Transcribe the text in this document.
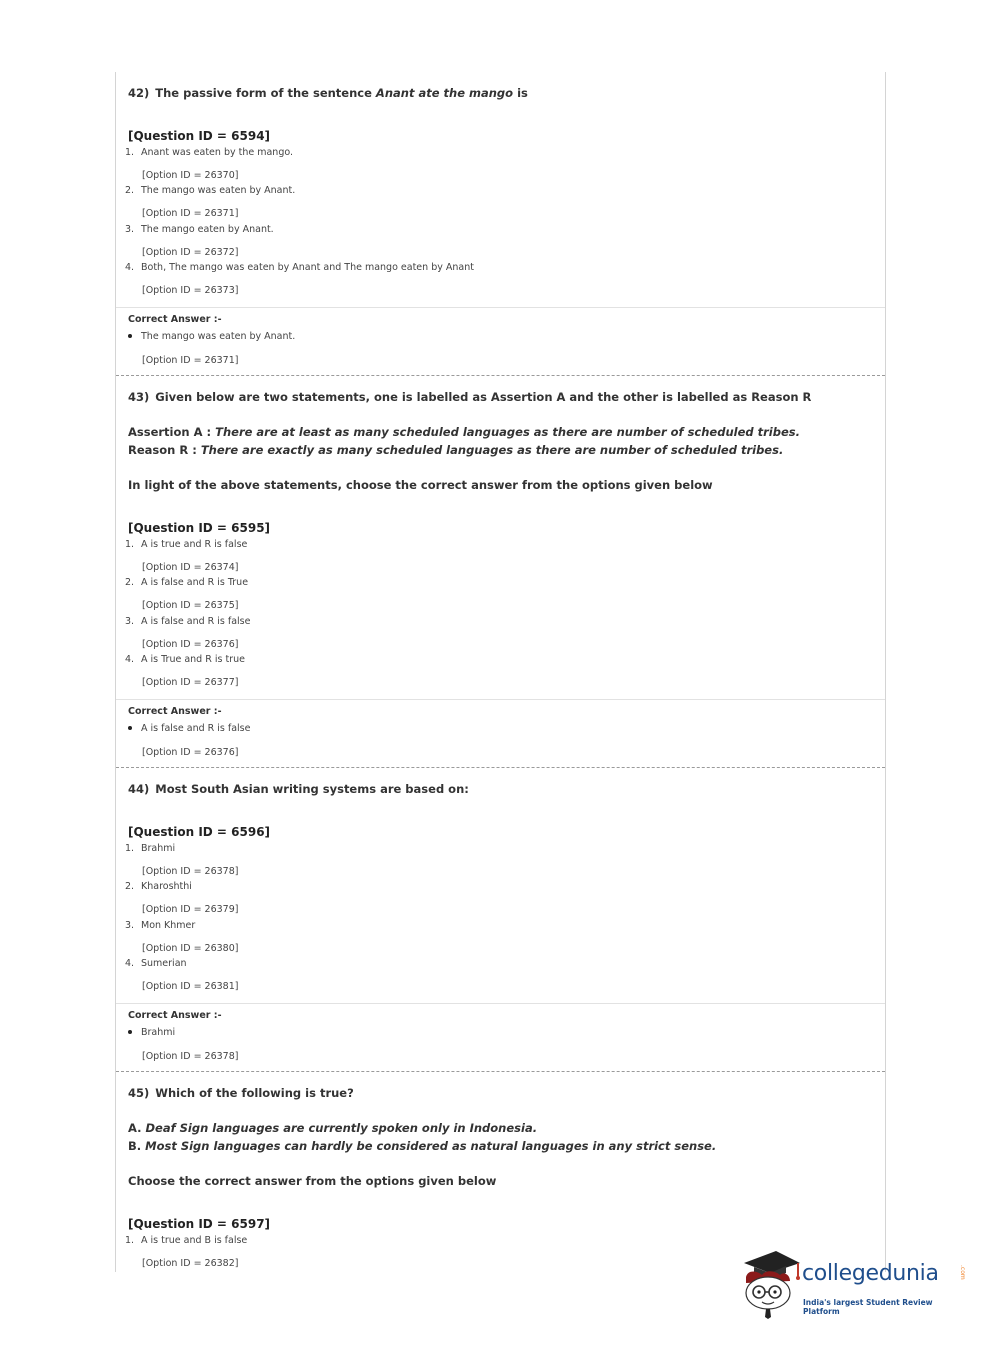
42) The passive form of the sentence Anant ate the mango is
[Question ID = 6594]
1. Anant was eaten by the mango.
[Option ID = 26370]
2. The mango was eaten by Anant.
[Option ID = 26371]
3. The mango eaten by Anant.
[Option ID = 26372]
4. Both, The mango was eaten by Anant and The mango eaten by Anant
[Option ID = 26373]
Correct Answer :-
The mango was eaten by Anant.
[Option ID = 26371]
43) Given below are two statements, one is labelled as Assertion A and the other is labelled as Reason R
Assertion A : There are at least as many scheduled languages as there are number of scheduled tribes.
Reason R : There are exactly as many scheduled languages as there are number of scheduled tribes.
In light of the above statements, choose the correct answer from the options given below
[Question ID = 6595]
1. A is true and R is false
[Option ID = 26374]
2. A is false and R is True
[Option ID = 26375]
3. A is false and R is false
[Option ID = 26376]
4. A is True and R is true
[Option ID = 26377]
Correct Answer :-
A is false and R is false
[Option ID = 26376]
44) Most South Asian writing systems are based on:
[Question ID = 6596]
1. Brahmi
[Option ID = 26378]
2. Kharoshthi
[Option ID = 26379]
3. Mon Khmer
[Option ID = 26380]
4. Sumerian
[Option ID = 26381]
Correct Answer :-
Brahmi
[Option ID = 26378]
45) Which of the following is true?
A. Deaf Sign languages are currently spoken only in Indonesia.
B. Most Sign languages can hardly be considered as natural languages in any strict sense.
Choose the correct answer from the options given below
[Question ID = 6597]
1. A is true and B is false
[Option ID = 26382]	collegedunia	.com
India's largest Student Review Platform
